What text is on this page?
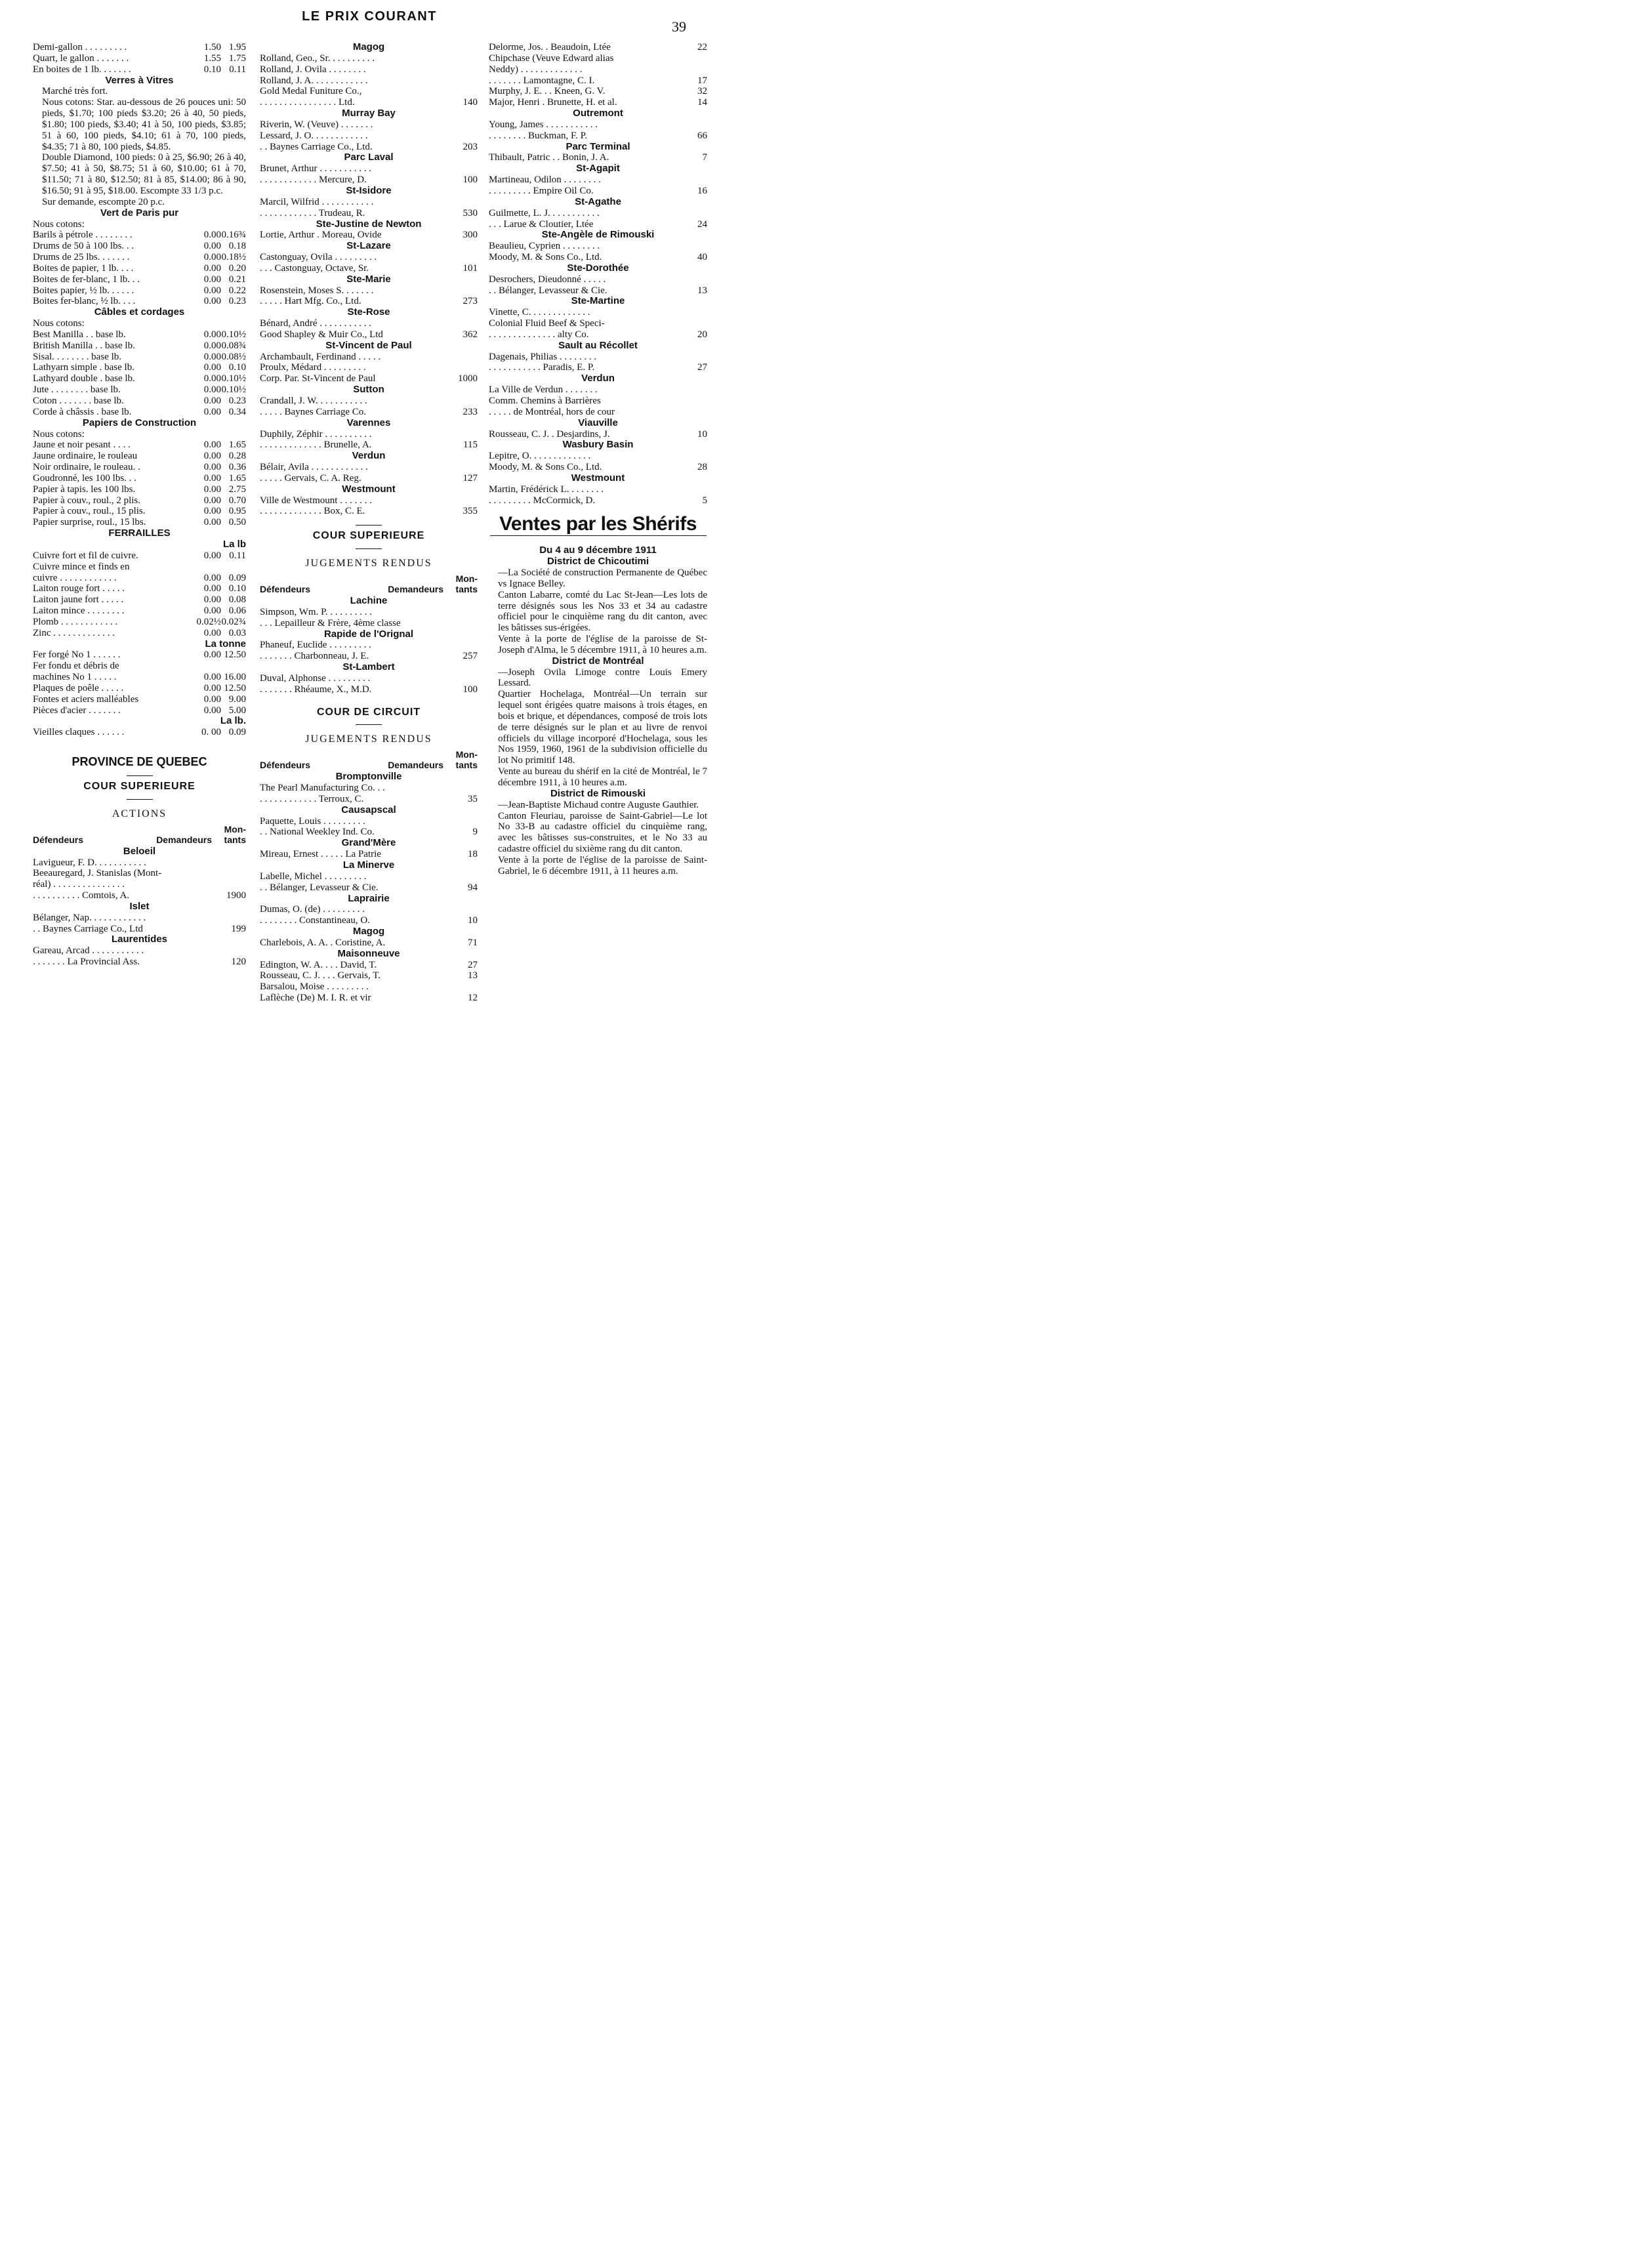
LE PRIX COURANT
39
Demi-gallon . . . . . . . . .	1.50 1.95
Quart, le gallon . . . . . . .	1.55 1.75
En boites de 1 lb. . . . . . .	0.10 0.11
Verres à Vitres
Marché très fort.
Nous cotons: Star. au-dessous de 26 pouces uni: 50 pieds, $1.70; 100 pieds $3.20; 26 à 40, 50 pieds, $1.80; 100 pieds, $3.40; 41 à 50, 100 pieds, $3.85; 51 à 60, 100 pieds, $4.10; 61 à 70, 100 pieds, $4.35; 71 à 80, 100 pieds, $4.85.
Double Diamond, 100 pieds: 0 à 25, $6.90; 26 à 40, $7.50; 41 à 50, $8.75; 51 à 60, $10.00; 61 à 70, $11.50; 71 à 80, $12.50; 81 à 85, $14.00; 86 à 90, $16.50; 91 à 95, $18.00. Escompte 33 1/3 p.c.
Sur demande, escompte 20 p.c.
Vert de Paris pur
Nous cotons:
Barils à pétrole . . . . . . . .	0.00 0.16¾
Drums de 50 à 100 lbs. . .	0.00 0.18
Drums de 25 lbs. . . . . . .	0.00 0.18½
Boites de papier, 1 lb. . . .	0.00 0.20
Boites de fer-blanc, 1 lb. . .	0.00 0.21
Boites papier, ½ lb. . . . . .	0.00 0.22
Boites fer-blanc, ½ lb. . . .	0.00 0.23
Câbles et cordages
Nous cotons:
Best Manilla . . base lb.	0.00 0.10½
British Manilla . . base lb.	0.00 0.08¾
Sisal. . . . . . . . base lb.	0.00 0.08½
Lathyarn simple . base lb.	0.00 0.10
Lathyard double . base lb.	0.00 0.10½
Jute . . . . . . . . base lb.	0.00 0.10½
Coton . . . . . . . base lb.	0.00 0.23
Corde à châssis . base lb.	0.00 0.34
Papiers de Construction
Nous cotons:
Jaune et noir pesant . . . .	0.00 1.65
Jaune ordinaire, le rouleau	0.00 0.28
Noir ordinaire, le rouleau. .	0.00 0.36
Goudronné, les 100 lbs. . .	0.00 1.65
Papier à tapis. les 100 lbs.	0.00 2.75
Papier à couv., roul., 2 plis.	0.00 0.70
Papier à couv., roul., 15 plis.	0.00 0.95
Papier surprise, roul., 15 lbs.	0.00 0.50
FERRAILLES
La lb
Cuivre fort et fil de cuivre.	0.00 0.11
Cuivre mince et finds en
cuivre . . . . . . . . . . . .	0.00 0.09
Laiton rouge fort . . . . .	0.00 0.10
Laiton jaune fort . . . . .	0.00 0.08
Laiton mince . . . . . . . .	0.00 0.06
Plomb . . . . . . . . . . . .	0.02½ 0.02¾
Zinc . . . . . . . . . . . . .	0.00 0.03
La tonne
Fer forgé No 1 . . . . . .	0.00 12.50
Fer fondu et débris de
machines No 1 . . . . .	0.00 16.00
Plaques de poêle . . . . .	0.00 12.50
Fontes et aciers malléables	0.00 9.00
Pièces d'acier . . . . . . .	0.00 5.00
La lb.
Vieilles claques . . . . . .	0. 00 0.09
PROVINCE DE QUEBEC
COUR SUPERIEURE
ACTIONS
Défendeurs	Demandeurs
Mon-
tants
Beloeil
Lavigueur, F. D. . . . . . . . . . .
Beeauregard, J. Stanislas (Mont-
réal) . . . . . . . . . . . . . . .
. . . . . . . . . . Comtois, A.	1900
Islet
Bélanger, Nap. . . . . . . . . . . .
. . Baynes Carriage Co., Ltd	199
Laurentides
Gareau, Arcad . . . . . . . . . . .
. . . . . . . La Provincial Ass.	120
Magog
Rolland, Geo., Sr. . . . . . . . . .
Rolland, J. Ovila . . . . . . . .
Rolland, J. A. . . . . . . . . . . .
Gold Medal Funiture Co.,
. . . . . . . . . . . . . . . . Ltd.	140
Murray Bay
Riverin, W. (Veuve) . . . . . . .
Lessard, J. O. . . . . . . . . . . .
. . Baynes Carriage Co., Ltd.	203
Parc Laval
Brunet, Arthur . . . . . . . . . . .
. . . . . . . . . . . . Mercure, D.	100
St-Isidore
Marcil, Wilfrid . . . . . . . . . . .
. . . . . . . . . . . . Trudeau, R.	530
Ste-Justine de Newton
Lortie, Arthur . Moreau, Ovide	300
St-Lazare
Castonguay, Ovila . . . . . . . . .
. . . Castonguay, Octave, Sr.	101
Ste-Marie
Rosenstein, Moses S. . . . . . .
. . . . . Hart Mfg. Co., Ltd.	273
Ste-Rose
Bénard, André . . . . . . . . . . .
Good Shapley & Muir Co., Ltd	362
St-Vincent de Paul
Archambault, Ferdinand . . . . .
Proulx, Médard . . . . . . . . .
Corp. Par. St-Vincent de Paul	1000
Sutton
Crandall, J. W. . . . . . . . . . .
. . . . . Baynes Carriage Co.	233
Varennes
Duphily, Zéphir . . . . . . . . . .
. . . . . . . . . . . . . Brunelle, A.	115
Verdun
Bélair, Avila . . . . . . . . . . . .
. . . . . Gervais, C. A. Reg.	127
Westmount
Ville de Westmount . . . . . . .
. . . . . . . . . . . . . Box, C. E.	355
COUR SUPERIEURE
JUGEMENTS RENDUS
Défendeurs	Demandeurs
Mon-
tants
Lachine
Simpson, Wm. P. . . . . . . . . .
. . . Lepailleur & Frère, 4ème classe
Rapide de l'Orignal
Phaneuf, Euclide . . . . . . . . .
. . . . . . . Charbonneau, J. E.	257
St-Lambert
Duval, Alphonse . . . . . . . . .
. . . . . . . Rhéaume, X., M.D.	100
COUR DE CIRCUIT
JUGEMENTS RENDUS
Défendeurs	Demandeurs
Mon-
tants
Bromptonville
The Pearl Manufacturing Co. . .
. . . . . . . . . . . . Terroux, C.	35
Causapscal
Paquette, Louis . . . . . . . . .
. . National Weekley Ind. Co.	9
Grand'Mère
Mireau, Ernest . . . . . La Patrie	18
La Minerve
Labelle, Michel . . . . . . . . .
. . Bélanger, Levasseur & Cie.	94
Laprairie
Dumas, O. (de) . . . . . . . . .
. . . . . . . . Constantineau, O.	10
Magog
Charlebois, A. A. . Coristine, A.	71
Maisonneuve
Edington, W. A. . . . David, T.	27
Rousseau, C. J. . . . Gervais, T.	13
Barsalou, Moise . . . . . . . . .
Laflèche (De) M. I. R. et vir	12
Delorme, Jos. . Beaudoin, Ltée	22
Chipchase (Veuve Edward alias
Neddy) . . . . . . . . . . . . .
. . . . . . . Lamontagne, C. I.	17
Murphy, J. E. . . Kneen, G. V.	32
Major, Henri . Brunette, H. et al.	14
Outremont
Young, James . . . . . . . . . . .
. . . . . . . . Buckman, F. P.	66
Parc Terminal
Thibault, Patric . . Bonin, J. A.	7
St-Agapit
Martineau, Odilon . . . . . . . .
. . . . . . . . . Empire Oil Co.	16
St-Agathe
Guilmette, L. J. . . . . . . . . . .
. . . Larue & Cloutier, Ltée	24
Ste-Angèle de Rimouski
Beaulieu, Cyprien . . . . . . . .
Moody, M. & Sons Co., Ltd.	40
Ste-Dorothée
Desrochers, Dieudonné . . . . .
. . Bélanger, Levasseur & Cie.	13
Ste-Martine
Vinette, C. . . . . . . . . . . . .
Colonial Fluid Beef & Speci-
. . . . . . . . . . . . . . alty Co.	20
Sault au Récollet
Dagenais, Philias . . . . . . . .
. . . . . . . . . . . Paradis, E. P.	27
Verdun
La Ville de Verdun . . . . . . .
Comm. Chemins à Barrières
. . . . . de Montréal, hors de cour
Viauville
Rousseau, C. J. . Desjardins, J.	10
Wasbury Basin
Lepitre, O. . . . . . . . . . . . .
Moody, M. & Sons Co., Ltd.	28
Westmount
Martin, Frédérick L. . . . . . . .
. . . . . . . . . McCormick, D.	5
Ventes par les Shérifs
Du 4 au 9 décembre 1911
District de Chicoutimi
—La Société de construction Permanente de Québec vs Ignace Belley.
Canton Labarre, comté du Lac St-Jean—Les lots de terre désignés sous les Nos 33 et 34 au cadastre officiel pour le cinquième rang du dit canton, avec les bâtisses sus-érigées.
Vente à la porte de l'église de la paroisse de St-Joseph d'Alma, le 5 décembre 1911, à 10 heures a.m.
District de Montréal
—Joseph Ovila Limoge contre Louis Emery Lessard.
Quartier Hochelaga, Montréal—Un terrain sur lequel sont érigées quatre maisons à trois étages, en bois et brique, et dépendances, composé de trois lots de terre désignés sur le plan et au livre de renvoi officiels du village incorporé d'Hochelaga, sous les Nos 1959, 1960, 1961 de la subdivision officielle du lot No primitif 148.
Vente au bureau du shérif en la cité de Montréal, le 7 décembre 1911, à 10 heures a.m.
District de Rimouski
—Jean-Baptiste Michaud contre Auguste Gauthier.
Canton Fleuriau, paroisse de Saint-Gabriel—Le lot No 33-B au cadastre officiel du cinquième rang, avec les bâtisses sus-construites, et le No 33 au cadastre officiel du sixième rang du dit canton.
Vente à la porte de l'église de la paroisse de Saint-Gabriel, le 6 décembre 1911, à 11 heures a.m.
